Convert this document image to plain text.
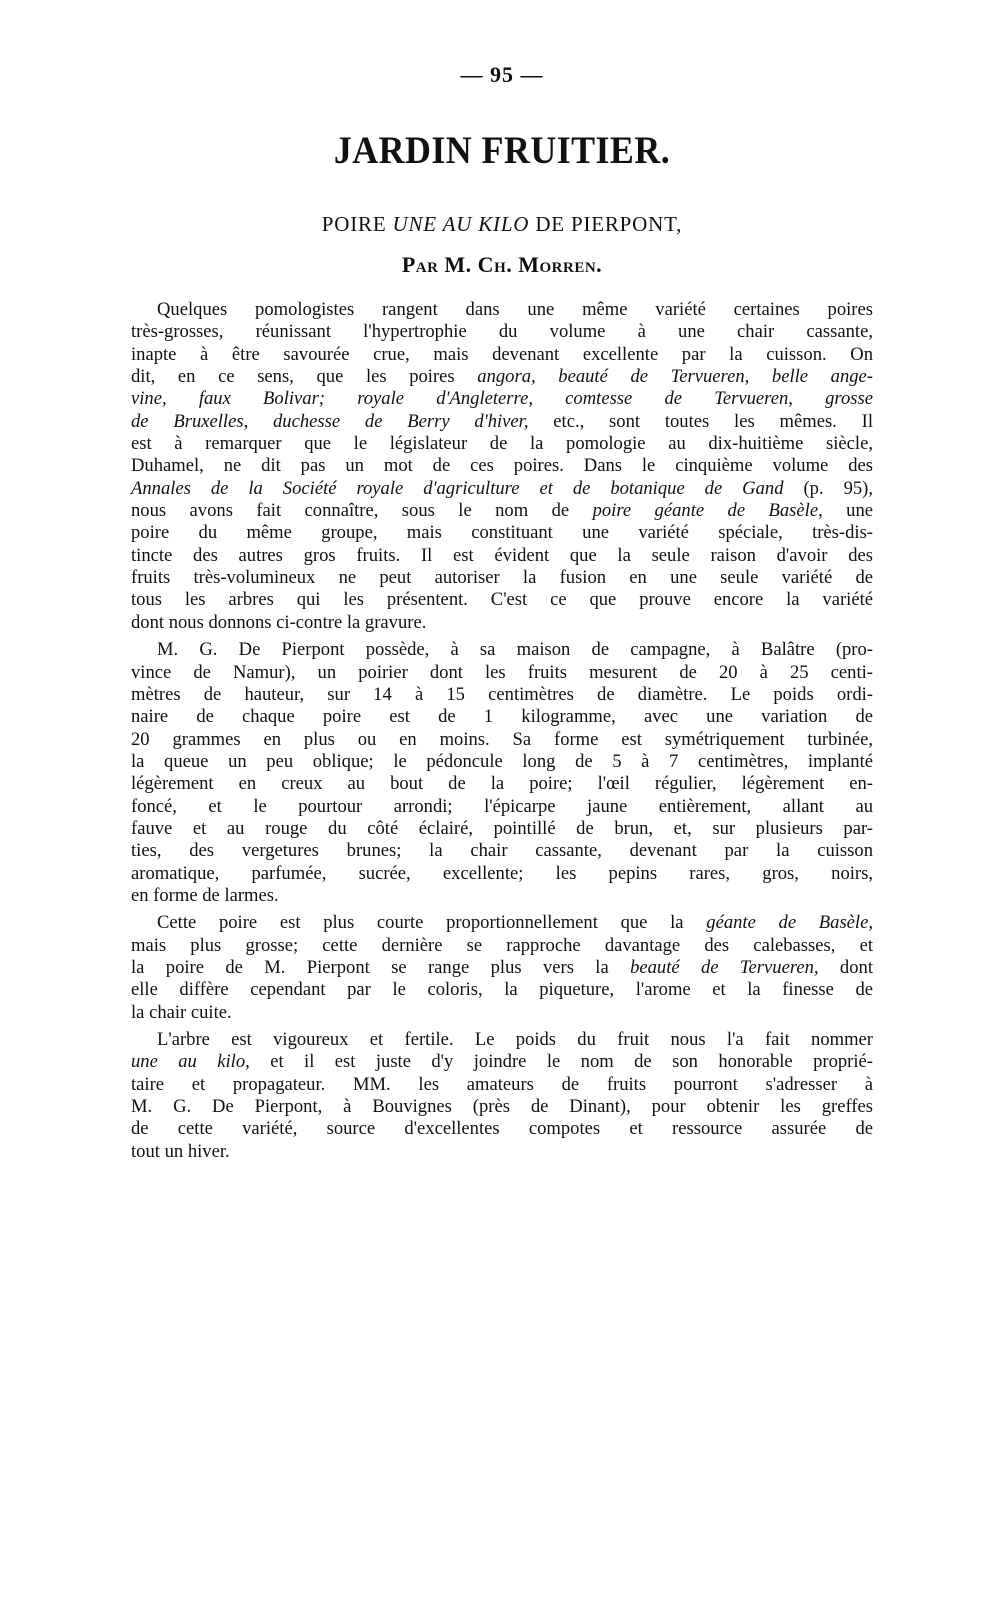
— 95 —
JARDIN FRUITIER.
POIRE UNE AU KILO DE PIERPONT,
Par M. Ch. Morren.
Quelques pomologistes rangent dans une même variété certaines poires
très-grosses, réunissant l'hypertrophie du volume à une chair cassante,
inapte à être savourée crue, mais devenant excellente par la cuisson. On
dit, en ce sens, que les poires angora, beauté de Tervueren, belle ange-
vine, faux Bolivar; royale d'Angleterre, comtesse de Tervueren, grosse
de Bruxelles, duchesse de Berry d'hiver, etc., sont toutes les mêmes. Il
est à remarquer que le législateur de la pomologie au dix-huitième siècle,
Duhamel, ne dit pas un mot de ces poires. Dans le cinquième volume des
Annales de la Société royale d'agriculture et de botanique de Gand (p. 95),
nous avons fait connaître, sous le nom de poire géante de Basèle, une
poire du même groupe, mais constituant une variété spéciale, très-dis-
tincte des autres gros fruits. Il est évident que la seule raison d'avoir des
fruits très-volumineux ne peut autoriser la fusion en une seule variété de
tous les arbres qui les présentent. C'est ce que prouve encore la variété
dont nous donnons ci-contre la gravure.
M. G. De Pierpont possède, à sa maison de campagne, à Balâtre (pro-
vince de Namur), un poirier dont les fruits mesurent de 20 à 25 centi-
mètres de hauteur, sur 14 à 15 centimètres de diamètre. Le poids ordi-
naire de chaque poire est de 1 kilogramme, avec une variation de
20 grammes en plus ou en moins. Sa forme est symétriquement turbinée,
la queue un peu oblique; le pédoncule long de 5 à 7 centimètres, implanté
légèrement en creux au bout de la poire; l'œil régulier, légèrement en-
foncé, et le pourtour arrondi; l'épicarpe jaune entièrement, allant au
fauve et au rouge du côté éclairé, pointillé de brun, et, sur plusieurs par-
ties, des vergetures brunes; la chair cassante, devenant par la cuisson
aromatique, parfumée, sucrée, excellente; les pepins rares, gros, noirs,
en forme de larmes.
Cette poire est plus courte proportionnellement que la géante de Basèle,
mais plus grosse; cette dernière se rapproche davantage des calebasses, et
la poire de M. Pierpont se range plus vers la beauté de Tervueren, dont
elle diffère cependant par le coloris, la piqueture, l'arome et la finesse de
la chair cuite.
L'arbre est vigoureux et fertile. Le poids du fruit nous l'a fait nommer
une au kilo, et il est juste d'y joindre le nom de son honorable proprié-
taire et propagateur. MM. les amateurs de fruits pourront s'adresser à
M. G. De Pierpont, à Bouvignes (près de Dinant), pour obtenir les greffes
de cette variété, source d'excellentes compotes et ressource assurée de
tout un hiver.
